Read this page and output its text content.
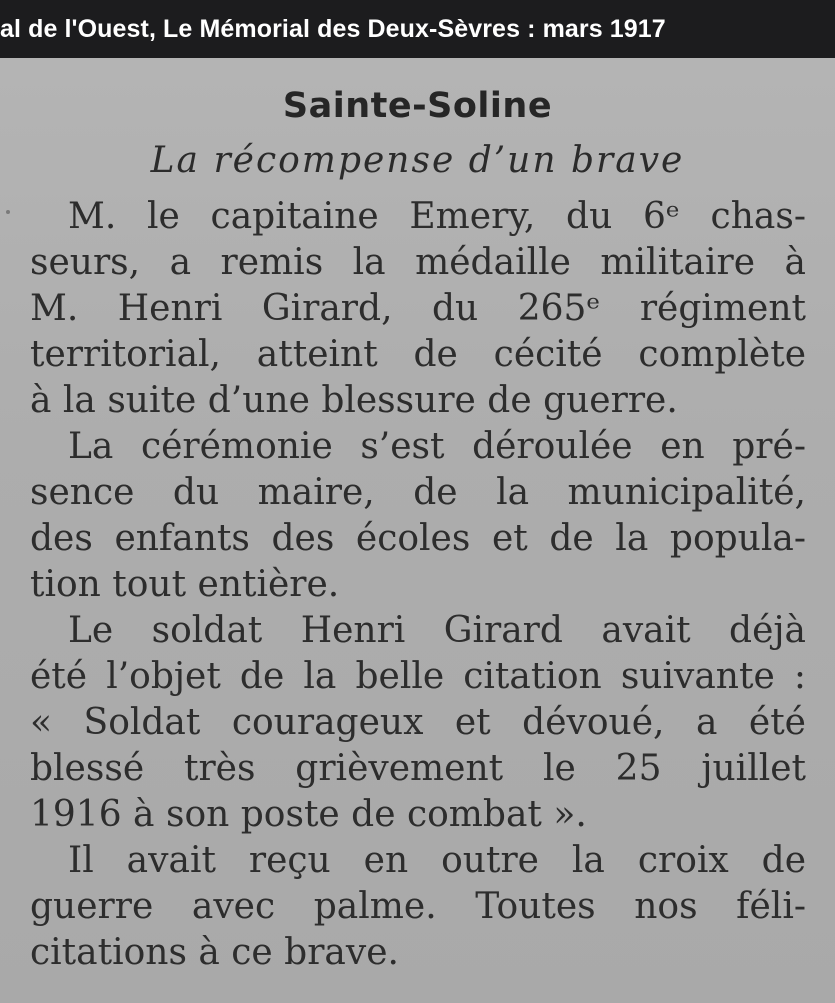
al de l'Ouest, Le Mémorial des Deux-Sèvres : mars 1917
Sainte-Soline
La récompense d’un brave
M. le capitaine Emery, du 6ᵉ chas-
seurs, a remis la médaille militaire à
M. Henri Girard, du 265ᵉ régiment
territorial, atteint de cécité complète
à la suite d’une blessure de guerre.
La cérémonie s’est déroulée en pré-
sence du maire, de la municipalité,
des enfants des écoles et de la popula-
tion tout entière.
Le soldat Henri Girard avait déjà
été l’objet de la belle citation suivante :
« Soldat courageux et dévoué, a été
blessé très grièvement le 25 juillet
1916 à son poste de combat ».
Il avait reçu en outre la croix de
guerre avec palme. Toutes nos féli-
citations à ce brave.
